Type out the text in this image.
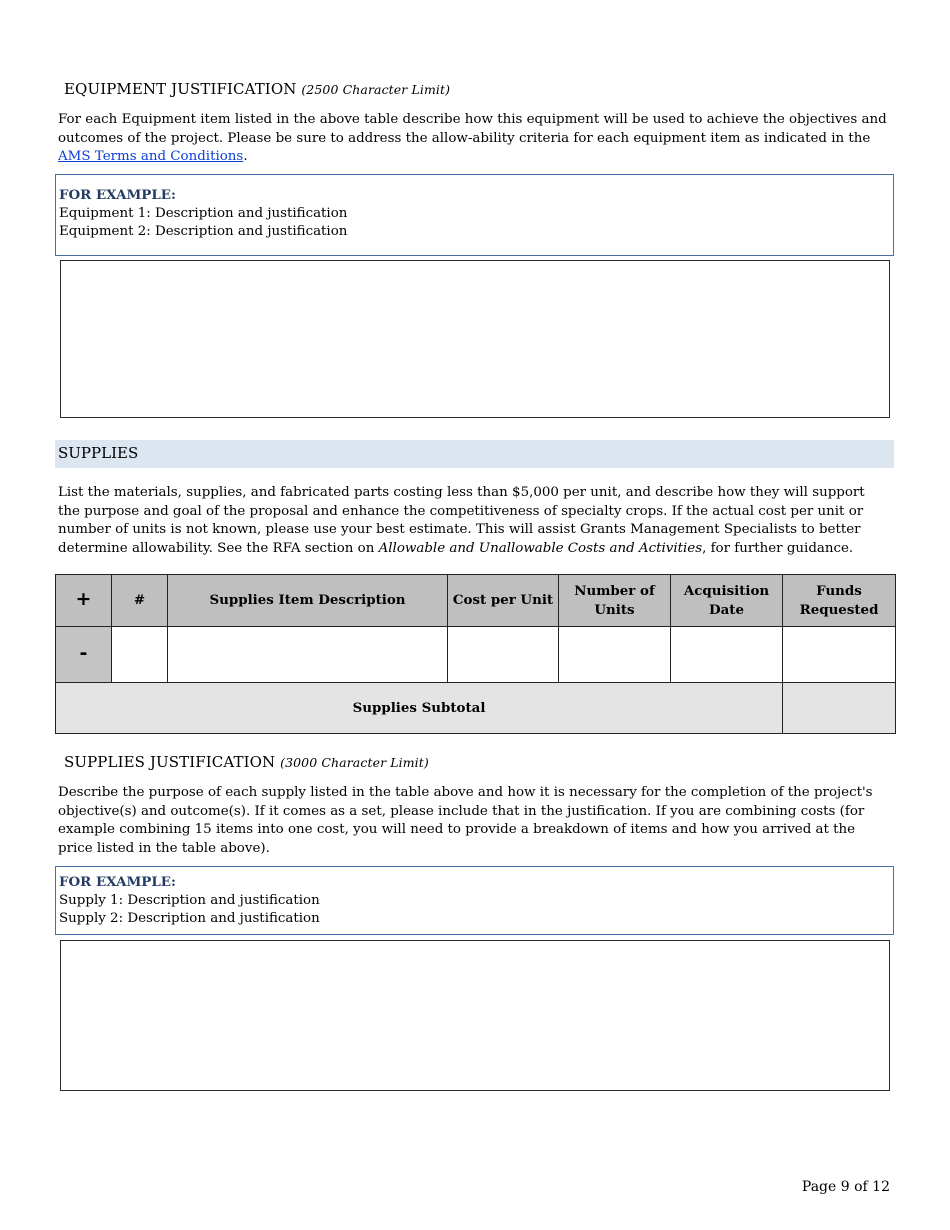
EQUIPMENT JUSTIFICATION (2500 Character Limit)

For each Equipment item listed in the above table describe how this equipment will be used to achieve the objectives and outcomes of the project. Please be sure to address the allow-ability criteria for each equipment item as indicated in the AMS Terms and Conditions.

FOR EXAMPLE:
Equipment 1: Description and justification
Equipment 2: Description and justification
SUPPLIES

List the materials, supplies, and fabricated parts costing less than $5,000 per unit, and describe how they will support the purpose and goal of the proposal and enhance the competitiveness of specialty crops. If the actual cost per unit or number of units is not known, please use your best estimate. This will assist Grants Management Specialists to better determine allowability. See the RFA section on Allowable and Unallowable Costs and Activities, for further guidance.

+	#	Supplies Item Description	Cost per Unit	Number of Units	Acquisition Date	Funds Requested
-						
Supplies Subtotal						
SUPPLIES JUSTIFICATION (3000 Character Limit)

Describe the purpose of each supply listed in the table above and how it is necessary for the completion of the project's objective(s) and outcome(s). If it comes as a set, please include that in the justification. If you are combining costs (for example combining 15 items into one cost, you will need to provide a breakdown of items and how you arrived at the price listed in the table above).

FOR EXAMPLE:
Supply 1: Description and justification
Supply 2: Description and justification
Page 9 of 12
